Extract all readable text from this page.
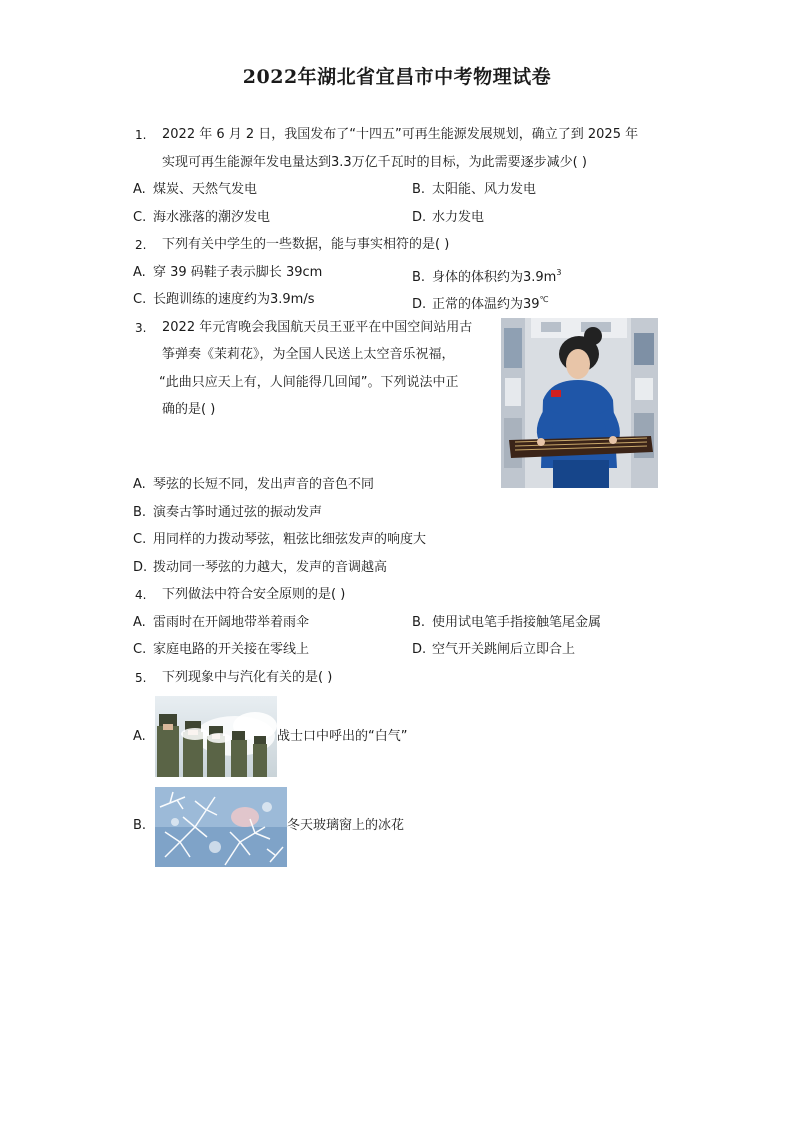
2022年湖北省宜昌市中考物理试卷
1. 2022 年 6 月 2 日，我国发布了“十四五”可再生能源发展规划，确立了到 2025 年
实现可再生能源年发电量达到3.3万亿千瓦时的目标，为此需要逐步减少( )
A. 煤炭、天然气发电	B. 太阳能、风力发电
C. 海水涨落的潮汐发电	D. 水力发电
2. 下列有关中学生的一些数据，能与事实相符的是( )
A. 穿 39 码鞋子表示脚长 39cm	B. 身体的体积约为$3.9m^3$
C. 长跑训练的速度约为3.9m/s	D. 正常的体温约为39℃
3. 2022 年元宵晚会我国航天员王亚平在中国空间站用古
筝弹奏《茉莉花》，为全国人民送上太空音乐祝福，
“此曲只应天上有，人间能得几回闻”。下列说法中正
确的是( )
A. 琴弦的长短不同，发出声音的音色不同
B. 演奏古筝时通过弦的振动发声
C. 用同样的力拨动琴弦，粗弦比细弦发声的响度大
D. 拨动同一琴弦的力越大，发声的音调越高
4. 下列做法中符合安全原则的是( )
A. 雷雨时在开阔地带举着雨伞	B. 使用试电笔手指接触笔尾金属
C. 家庭电路的开关接在零线上	D. 空气开关跳闸后立即合上
5. 下列现象中与汽化有关的是( )
A.	战士口中呼出的“白气”
B.	冬天玻璃窗上的冰花
